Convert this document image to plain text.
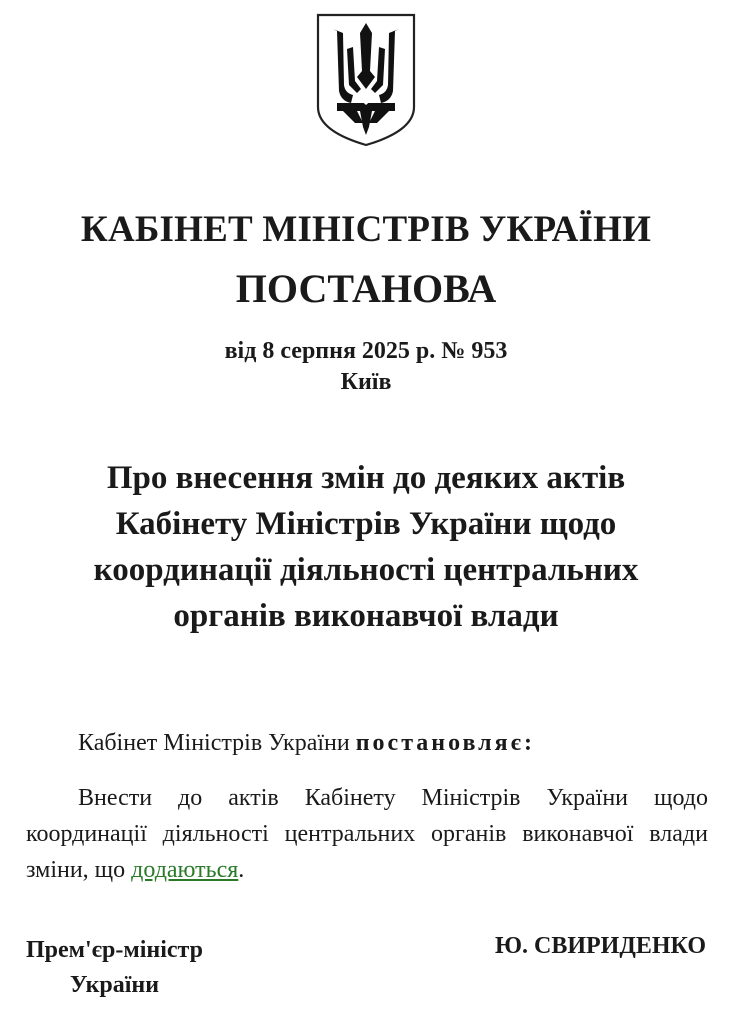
КАБІНЕТ МІНІСТРІВ УКРАЇНИ
ПОСТАНОВА
від 8 серпня 2025 р. № 953
Київ
Про внесення змін до деяких актів Кабінету Міністрів України щодо координації діяльності центральних органів виконавчої влади
Кабінет Міністрів України постановляє:
Внести до актів Кабінету Міністрів України щодо координації діяльності центральних органів виконавчої влади зміни, що додаються.
Прем'єр-міністр
України
Ю. СВИРИДЕНКО
